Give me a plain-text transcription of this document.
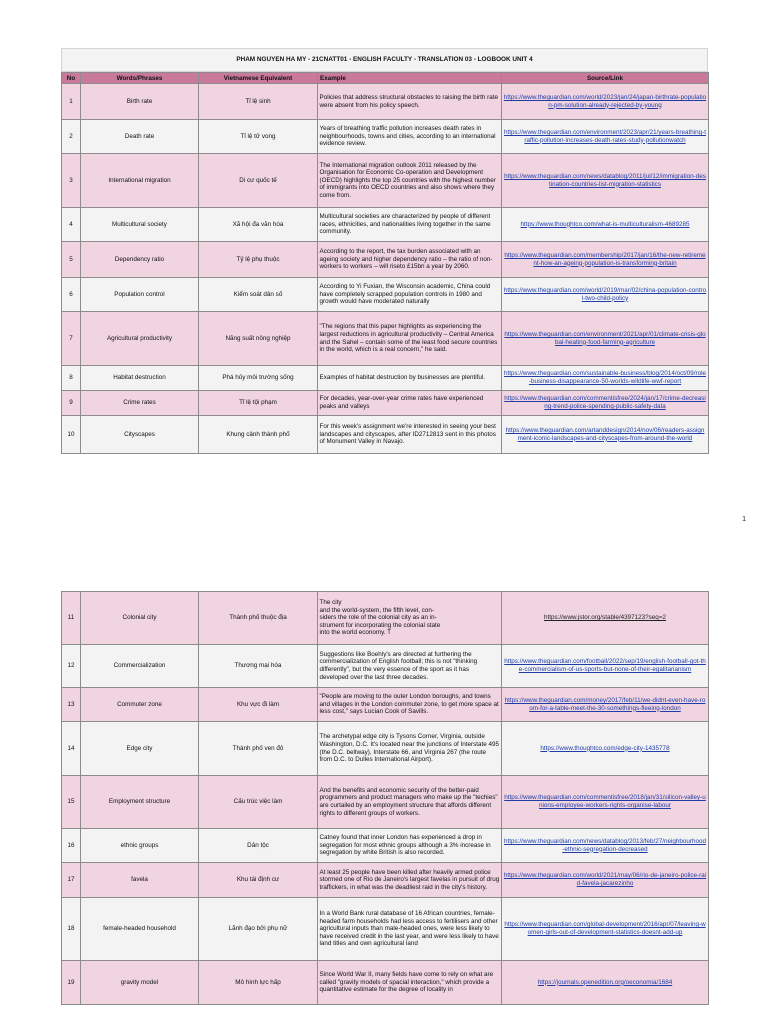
PHAM NGUYEN HA MY - 21CNATT01 - ENGLISH FACULTY - TRANSLATION 03 - LOGBOOK UNIT 4
No	Words/Phrases	Vietnamese Equivalent	Example	Source/Link
1	Birth rate	Tỉ lệ sinh	Policies that address structural obstacles to raising the birth rate were absent from his policy speech.	https://www.theguardian.com/world/2023/jan/24/japan-birthrate-population-pm-solution-already-rejected-by-young
2	Death rate	Tỉ lệ tử vong	Years of breathing traffic pollution increases death rates in neighbourhoods, towns and cities, according to an international evidence review.	https://www.theguardian.com/environment/2023/apr/21/years-breathing-traffic-pollution-increases-death-rates-study-pollutionwatch
3	International migration	Di cư quốc tế	The International migration outlook 2011 released by the Organisation for Economic Co-operation and Development (OECD) highlights the top 25 countries with the highest number of immigrants into OECD countries and also shows where they come from.	https://www.theguardian.com/news/datablog/2011/jul/12/immigration-destination-countries-list-migration-statistics
4	Multicultural society	Xã hội đa văn hóa	Multicultural societies are characterized by people of different races, ethnicities, and nationalities living together in the same community.	https://www.thoughtco.com/what-is-multiculturalism-4689285
5	Dependency ratio	Tỷ lệ phụ thuộc	According to the report, the tax burden associated with an ageing society and higher dependency ratio – the ratio of non-workers to workers – will riseto £15bn a year by 2060.	https://www.theguardian.com/membership/2017/jan/16/the-new-retirement-how-an-ageing-population-is-transforming-britain
6	Population control	Kiểm soát dân số	According to Yi Fuxian, the Wisconsin academic, China could have completely scrapped population controls in 1980 and growth would have moderated naturally	https://www.theguardian.com/world/2019/mar/02/china-population-control-two-child-policy
7	Agricultural productivity	Năng suất nông nghiệp	"The regions that this paper highlights as experiencing the largest reductions in agricultural productivity – Central America and the Sahel – contain some of the least food secure countries in the world, which is a real concern," he said.	https://www.theguardian.com/environment/2021/apr/01/climate-crisis-global-heating-food-farming-agriculture
8	Habitat destruction	Phá hủy môi trường sống	Examples of habitat destruction by businesses are plentiful.	https://www.theguardian.com/sustainable-business/blog/2014/oct/09/role-business-disappearance-50-worlds-wildlife-wwf-report
9	Crime rates	Tỉ lệ tội phạm	For decades, year-over-year crime rates have experienced peaks and valleys	https://www.theguardian.com/commentisfree/2024/jan/17/crime-decreasing-trend-police-spending-public-safety-data
10	Cityscapes	Khung cảnh thành phố	For this week's assignment we're interested in seeing your best landscapes and cityscapes, after ID2712813 sent in this photos of Monument Valley in Navajo.	https://www.theguardian.com/artanddesign/2014/nov/06/readers-assignment-iconic-landscapes-and-cityscapes-from-around-the-world
1
11	Colonial city	Thành phố thuộc địa	The city
and the world-system, the fifth level, con-
siders the role of the colonial city as an in-
strument for incorporating the colonial state
into the world economy. T	https://www.jstor.org/stable/4397123?seq=2
12	Commercialization	Thương mại hóa	Suggestions like Boehly's are directed at furthering the commercialization of English football; this is not "thinking differently", but the very essence of the sport as it has developed over the last three decades.	https://www.theguardian.com/football/2022/sep/19/english-football-got-the-commercialism-of-us-sports-but-none-of-their-egalitarianism
13	Commuter zone	Khu vực đi làm	"People are moving to the outer London boroughs, and towns and villages in the London commuter zone, to get more space at less cost," says Lucian Cook of Savills.	https://www.theguardian.com/money/2017/feb/11/we-didnt-even-have-room-for-a-table-meet-the-30-somethings-fleeing-london
14	Edge city	Thành phố ven đô	The archetypal edge city is Tysons Corner, Virginia, outside Washington, D.C. It's located near the junctions of Interstate 495 (the D.C. beltway), Interstate 66, and Virginia 267 (the route from D.C. to Dulles International Airport).	https://www.thoughtco.com/edge-city-1435778
15	Employment structure	Cấu trúc việc làm	And the benefits and economic security of the better-paid programmers and product managers who make up the "techies" are curtailed by an employment structure that affords different rights to different groups of workers.	https://www.theguardian.com/commentisfree/2018/jan/31/silicon-valley-unions-employee-workers-rights-organise-labour
16	ethnic groups	Dân tộc	Catney found that inner London has experienced a drop in segregation for most ethnic groups although a 3% increase in segregation by white British is also recorded.	https://www.theguardian.com/news/datablog/2013/feb/27/neighbourhood-ethnic-segregation-decreased
17	favela	Khu tái định cư	At least 25 people have been killed after heavily armed police stormed one of Rio de Janeiro's largest favelas in pursuit of drug traffickers, in what was the deadliest raid in the city's history.	https://www.theguardian.com/world/2021/may/06/rio-de-janeiro-police-raid-favela-jacarezinho
18	female-headed household	Lãnh đạo bởi phụ nữ	In a World Bank rural database of 16 African countries, female-headed farm households had less access to fertilisers and other agricultural inputs than male-headed ones, were less likely to have received credit in the last year, and were less likely to have land titles and own agricultural land	https://www.theguardian.com/global-development/2016/apr/07/leaving-women-girls-out-of-development-statistics-doesnt-add-up
19	gravity model	Mô hình lực hấp	Since World War II, many fields have come to rely on what are called "gravity models of spacial interaction," which provide a quantitative estimate for the degree of locality in	https://journals.openedition.org/oeconomia/1684
